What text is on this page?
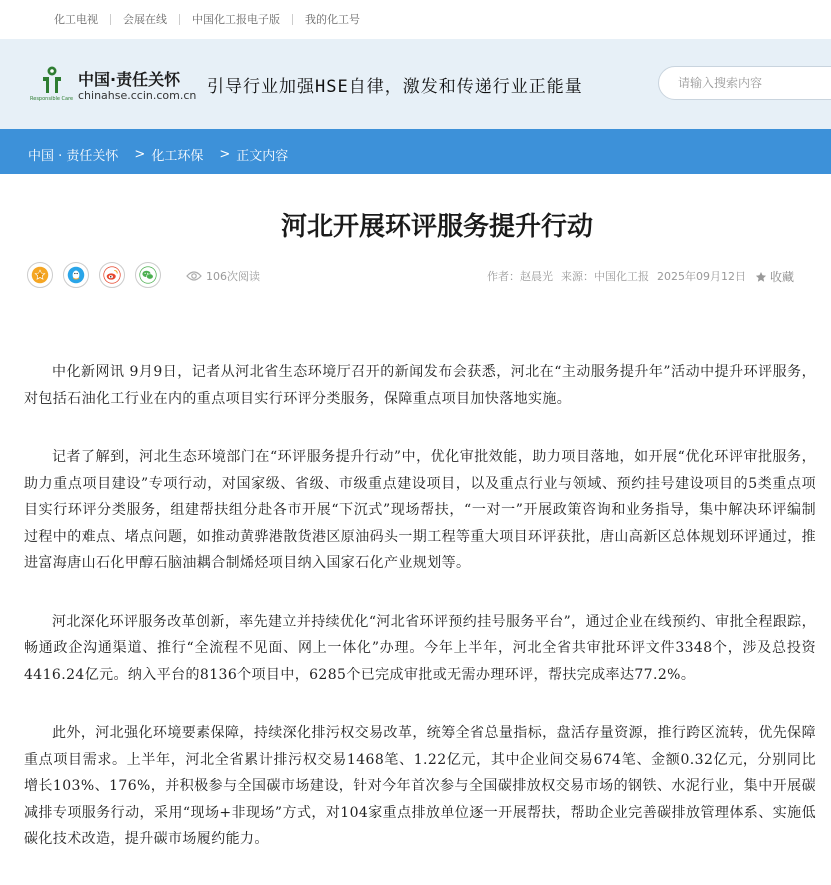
化工电视 会展在线 中国化工报电子版 我的化工号
Responsible Care
中国·责任关怀
chinahse.ccin.com.cn 引导行业加强HSE自律，激发和传递行业正能量
请输入搜索内容
中国 · 责任关怀 > 化工环保 > 正文内容
河北开展环评服务提升行动
106次阅读	作者：赵晨光 来源：中国化工报 2025年09月12日 收藏

中化新网讯 9月9日，记者从河北省生态环境厅召开的新闻发布会获悉，河北在“主动服务提升年”活动中提升环评服务，对包括石油化工行业在内的重点项目实行环评分类服务，保障重点项目加快落地实施。

记者了解到，河北生态环境部门在“环评服务提升行动”中，优化审批效能，助力项目落地，如开展“优化环评审批服务，助力重点项目建设”专项行动，对国家级、省级、市级重点建设项目，以及重点行业与领域、预约挂号建设项目的5类重点项目实行环评分类服务，组建帮扶组分赴各市开展“下沉式”现场帮扶，“一对一”开展政策咨询和业务指导，集中解决环评编制过程中的难点、堵点问题，如推动黄骅港散货港区原油码头一期工程等重大项目环评获批，唐山高新区总体规划环评通过，推进富海唐山石化甲醇石脑油耦合制烯烃项目纳入国家石化产业规划等。

河北深化环评服务改革创新，率先建立并持续优化“河北省环评预约挂号服务平台”，通过企业在线预约、审批全程跟踪，畅通政企沟通渠道、推行“全流程不见面、网上一体化”办理。今年上半年，河北全省共审批环评文件3348个，涉及总投资4416.24亿元。纳入平台的8136个项目中，6285个已完成审批或无需办理环评，帮扶完成率达77.2%。

此外，河北强化环境要素保障，持续深化排污权交易改革，统筹全省总量指标，盘活存量资源，推行跨区流转，优先保障重点项目需求。上半年，河北全省累计排污权交易1468笔、1.22亿元，其中企业间交易674笔、金额0.32亿元，分别同比增长103%、176%，并积极参与全国碳市场建设，针对今年首次参与全国碳排放权交易市场的钢铁、水泥行业，集中开展碳减排专项服务行动，采用“现场+非现场”方式，对104家重点排放单位逐一开展帮扶，帮助企业完善碳排放管理体系、实施低碳化技术改造，提升碳市场履约能力。
